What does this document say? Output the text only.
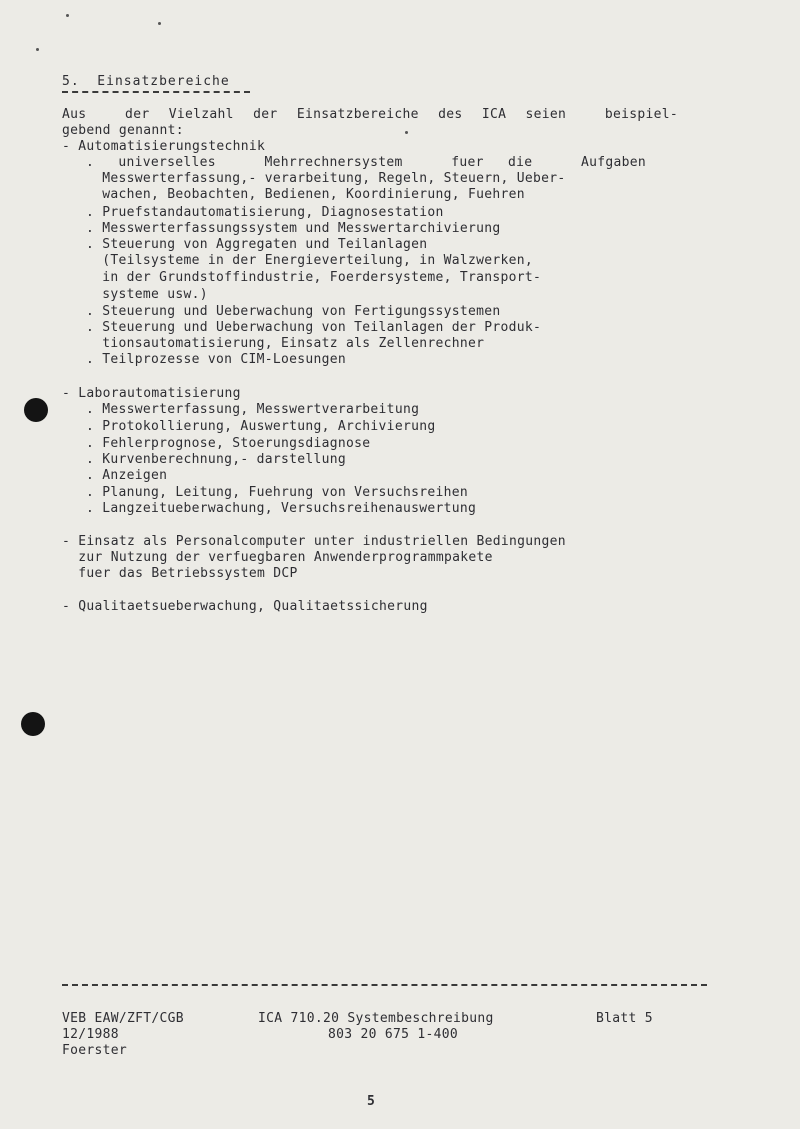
5.  Einsatzbereiche
Aus  der Vielzahl der Einsatzbereiche des ICA seien  beispiel-
gebend genannt:
- Automatisierungstechnik
. universelles  Mehrrechnersystem  fuer die  Aufgaben
Messwerterfassung,- verarbeitung, Regeln, Steuern, Ueber-
wachen, Beobachten, Bedienen, Koordinierung, Fuehren
. Pruefstandautomatisierung, Diagnosestation
. Messwerterfassungssystem und Messwertarchivierung
. Steuerung von Aggregaten und Teilanlagen
(Teilsysteme in der Energieverteilung, in Walzwerken,
in der Grundstoffindustrie, Foerdersysteme, Transport-
systeme usw.)
. Steuerung und Ueberwachung von Fertigungssystemen
. Steuerung und Ueberwachung von Teilanlagen der Produk-
tionsautomatisierung, Einsatz als Zellenrechner
. Teilprozesse von CIM-Loesungen
- Laborautomatisierung
. Messwerterfassung, Messwertverarbeitung
. Protokollierung, Auswertung, Archivierung
. Fehlerprognose, Stoerungsdiagnose
. Kurvenberechnung,- darstellung
. Anzeigen
. Planung, Leitung, Fuehrung von Versuchsreihen
. Langzeitueberwachung, Versuchsreihenauswertung
- Einsatz als Personalcomputer unter industriellen Bedingungen
zur Nutzung der verfuegbaren Anwenderprogrammpakete
fuer das Betriebssystem DCP
- Qualitaetsueberwachung, Qualitaetssicherung
VEB EAW/ZFT/CGB
12/1988
Foerster
ICA 710.20 Systembeschreibung
803 20 675 1-400
Blatt 5
5
